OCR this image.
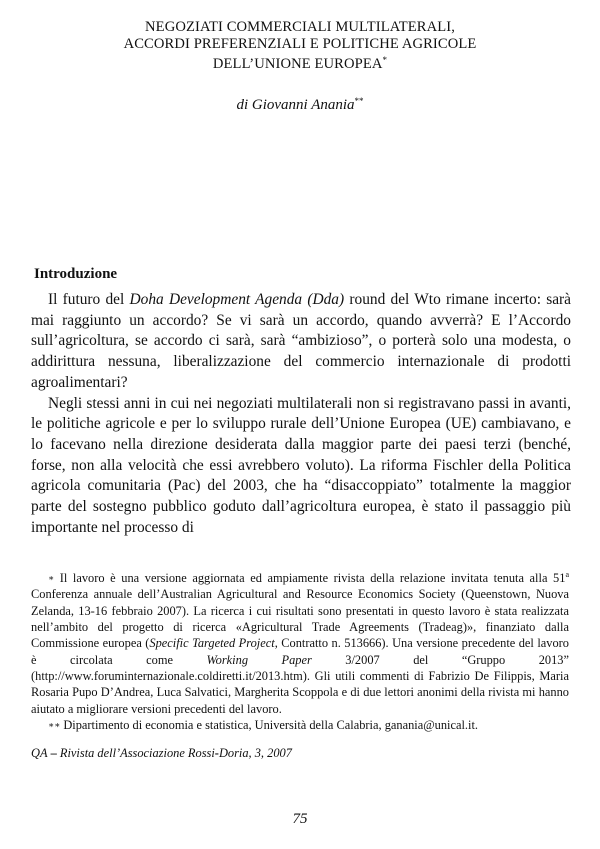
NEGOZIATI COMMERCIALI MULTILATERALI,
ACCORDI PREFERENZIALI E POLITICHE AGRICOLE
DELL’UNIONE EUROPEA*
di Giovanni Anania**
Introduzione

Il futuro del Doha Development Agenda (Dda) round del Wto rimane incerto: sarà mai raggiunto un accordo? Se vi sarà un accordo, quando avverrà? E l’Accordo sull’agricoltura, se accordo ci sarà, sarà “ambizioso”, o porterà solo una modesta, o addirittura nessuna, liberalizzazione del commercio internazionale di prodotti agroalimentari?

Negli stessi anni in cui nei negoziati multilaterali non si registravano passi in avanti, le politiche agricole e per lo sviluppo rurale dell’Unione Europea (UE) cambiavano, e lo facevano nella direzione desiderata dalla maggior parte dei paesi terzi (benché, forse, non alla velocità che essi avrebbero voluto). La riforma Fischler della Politica agricola comunitaria (Pac) del 2003, che ha “disaccoppiato” totalmente la maggior parte del sostegno pubblico goduto dall’agricoltura europea, è stato il passaggio più importante nel processo di

∗ Il lavoro è una versione aggiornata ed ampiamente rivista della relazione invitata tenuta alla 51$^a$ Conferenza annuale dell’Australian Agricultural and Resource Economics Society (Queenstown, Nuova Zelanda, 13-16 febbraio 2007). La ricerca i cui risultati sono presentati in questo lavoro è stata realizzata nell’ambito del progetto di ricerca «Agricultural Trade Agreements (Tradeag)», finanziato dalla Commissione europea (Specific Targeted Project, Contratto n. 513666). Una versione precedente del lavoro è circolata come Working Paper 3/2007 del “Gruppo 2013” (http://www.foruminternazionale.coldiretti.it/2013.htm). Gli utili commenti di Fabrizio De Filippis, Maria Rosaria Pupo D’Andrea, Luca Salvatici, Margherita Scoppola e di due lettori anonimi della rivista mi hanno aiutato a migliorare versioni precedenti del lavoro.

∗∗ Dipartimento di economia e statistica, Università della Calabria, ganania@unical.it.

QA – Rivista dell’Associazione Rossi-Doria, 3, 2007
75
